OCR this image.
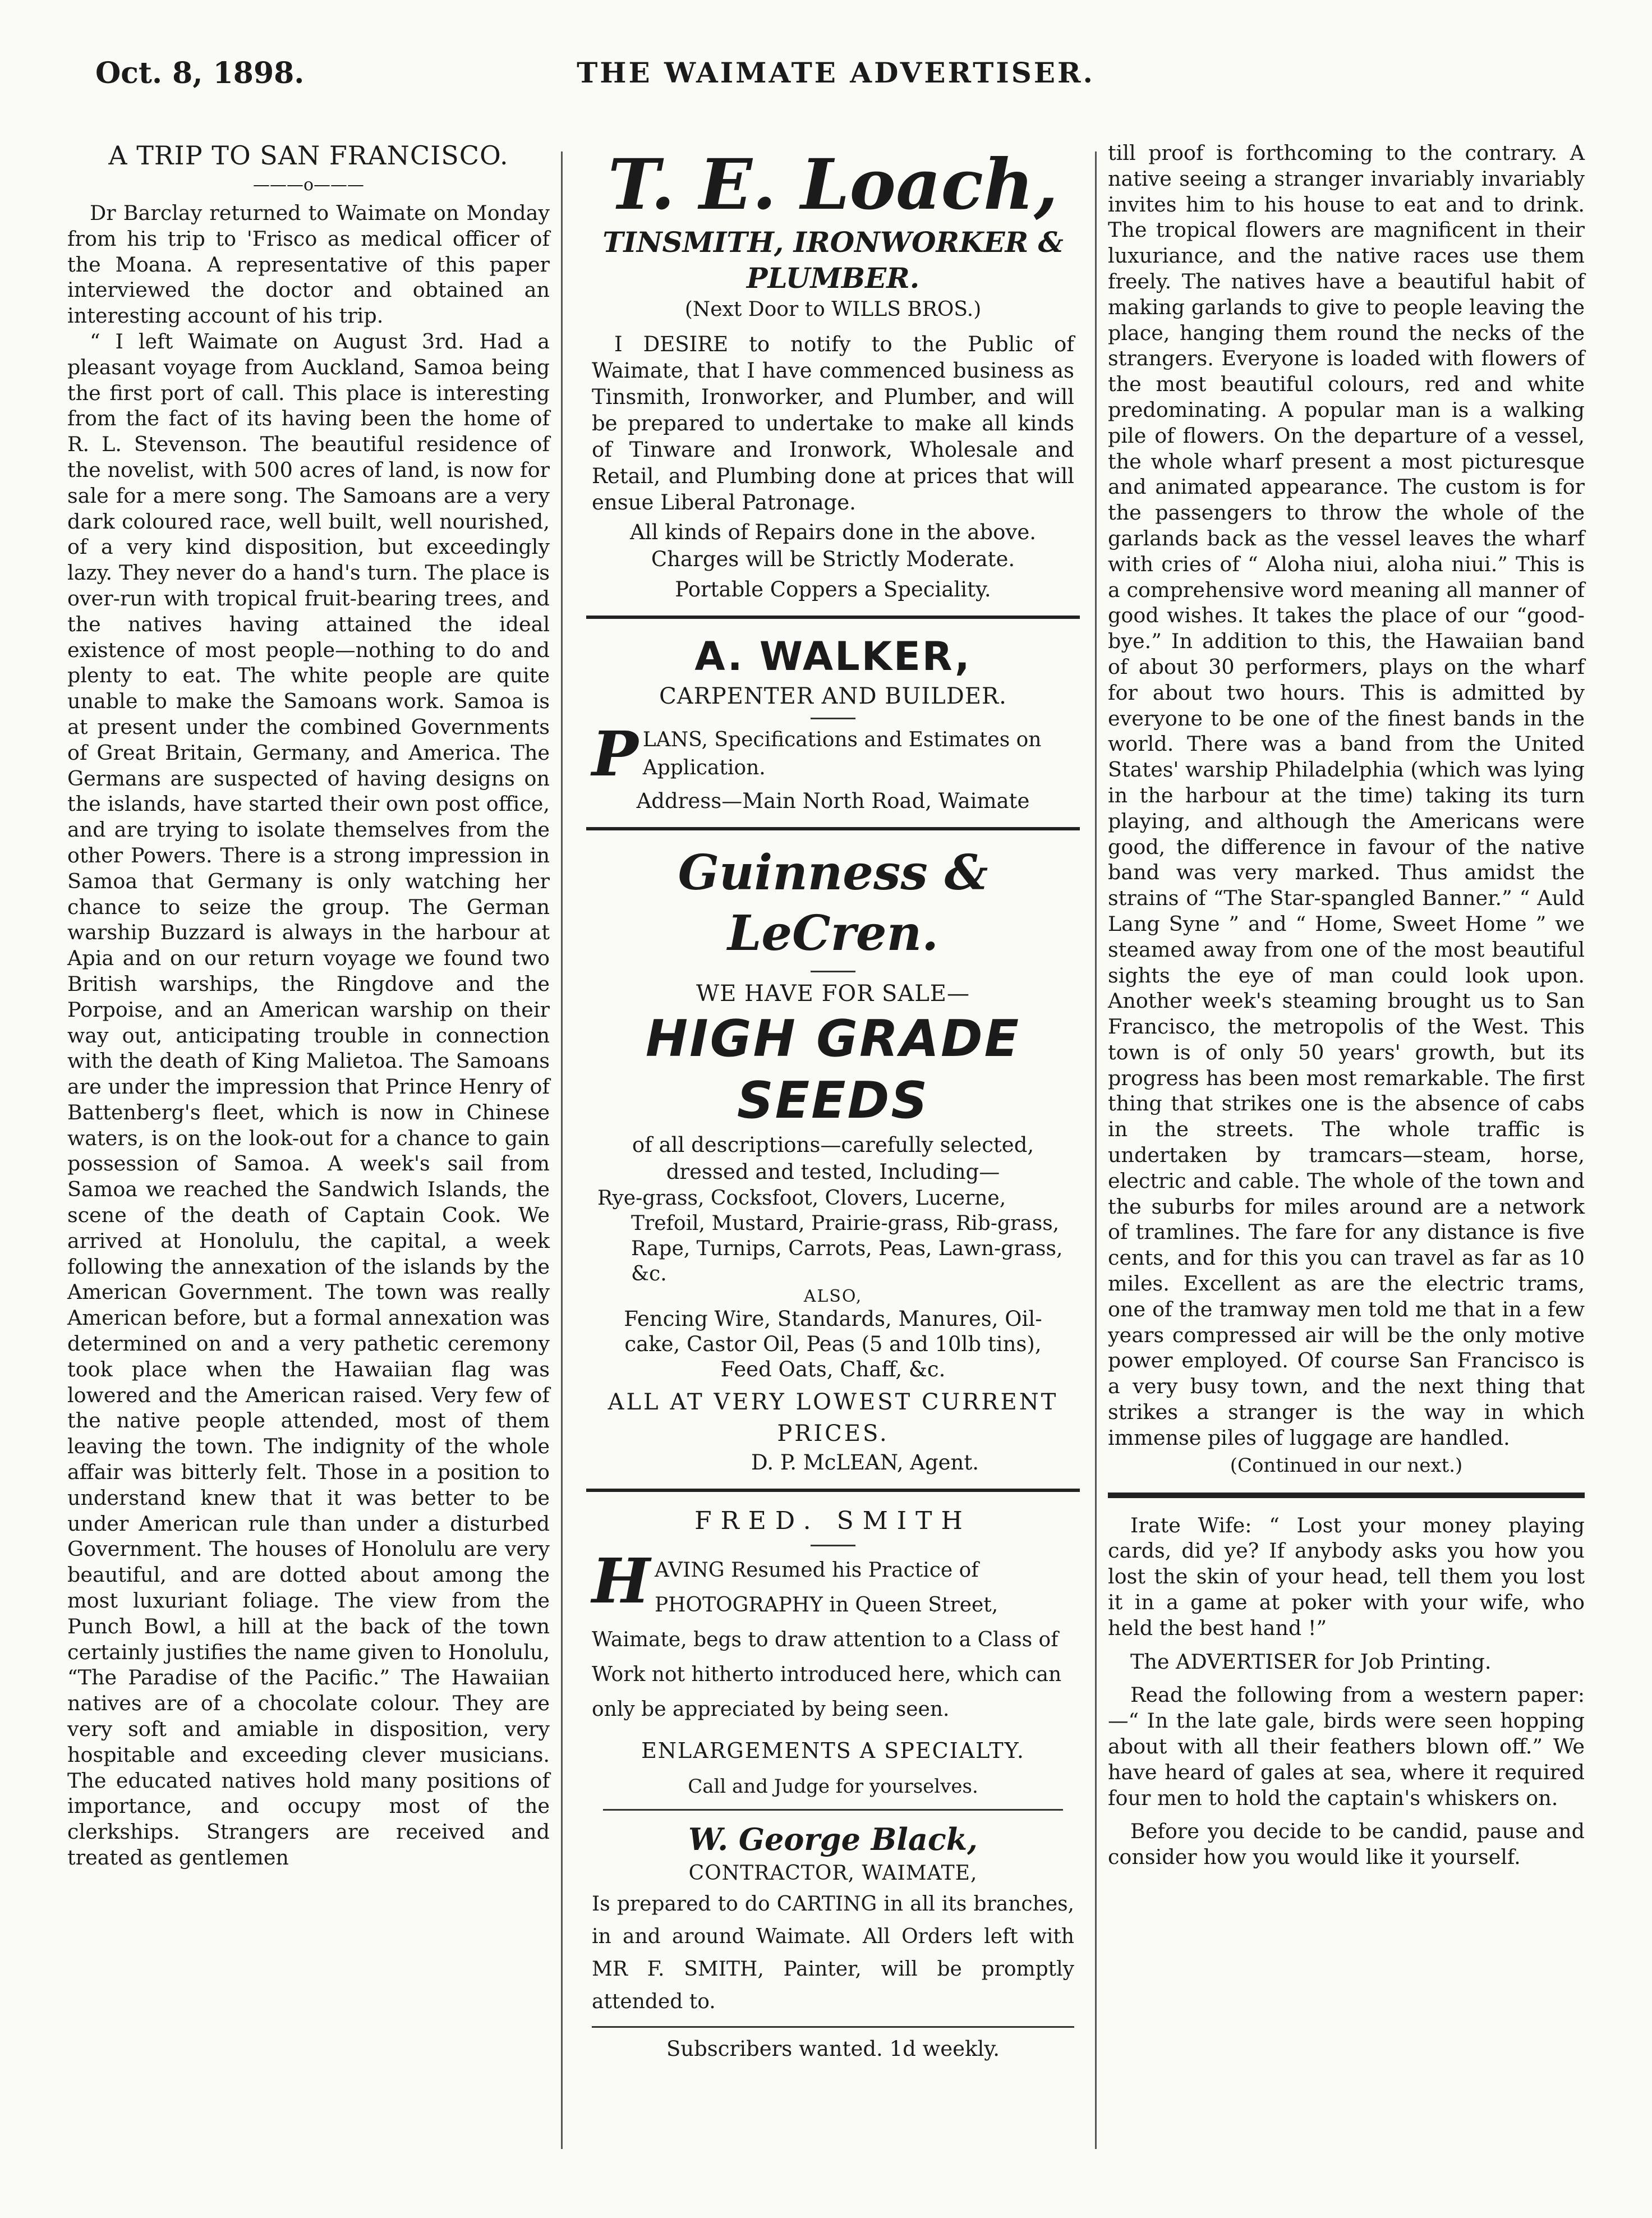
Oct. 8, 1898.	THE WAIMATE ADVERTISER.
A TRIP TO SAN FRANCISCO.
———o———

Dr Barclay returned to Waimate on Monday from his trip to 'Frisco as medical officer of the Moana. A representative of this paper interviewed the doctor and obtained an interesting account of his trip.

“ I left Waimate on August 3rd. Had a pleasant voyage from Auckland, Samoa being the first port of call. This place is interesting from the fact of its having been the home of R. L. Stevenson. The beautiful residence of the novelist, with 500 acres of land, is now for sale for a mere song. The Samoans are a very dark coloured race, well built, well nourished, of a very kind disposition, but exceedingly lazy. They never do a hand's turn. The place is over-run with tropical fruit-bearing trees, and the natives having attained the ideal existence of most people—nothing to do and plenty to eat. The white people are quite unable to make the Samoans work. Samoa is at present under the combined Governments of Great Britain, Germany, and America. The Germans are suspected of having designs on the islands, have started their own post office, and are trying to isolate themselves from the other Powers. There is a strong impression in Samoa that Germany is only watching her chance to seize the group. The German warship Buzzard is always in the harbour at Apia and on our return voyage we found two British warships, the Ringdove and the Porpoise, and an American warship on their way out, anticipating trouble in connection with the death of King Malietoa. The Samoans are under the impression that Prince Henry of Battenberg's fleet, which is now in Chinese waters, is on the look-out for a chance to gain possession of Samoa. A week's sail from Samoa we reached the Sandwich Islands, the scene of the death of Captain Cook. We arrived at Honolulu, the capital, a week following the annexation of the islands by the American Government. The town was really American before, but a formal annexation was determined on and a very pathetic ceremony took place when the Hawaiian flag was lowered and the American raised. Very few of the native people attended, most of them leaving the town. The indignity of the whole affair was bitterly felt. Those in a position to understand knew that it was better to be under American rule than under a disturbed Government. The houses of Honolulu are very beautiful, and are dotted about among the most luxuriant foliage. The view from the Punch Bowl, a hill at the back of the town certainly justifies the name given to Honolulu, “The Paradise of the Pacific.” The Hawaiian natives are of a chocolate colour. They are very soft and amiable in disposition, very hospitable and exceeding clever musicians. The educated natives hold many positions of importance, and occupy most of the clerkships. Strangers are received and treated as gentlemen

T. E. Loach,
TINSMITH, IRONWORKER &
PLUMBER.
(Next Door to WILLS BROS.)

I DESIRE to notify to the Public of Waimate, that I have commenced business as Tinsmith, Ironworker, and Plumber, and will be prepared to undertake to make all kinds of Tinware and Ironwork, Wholesale and Retail, and Plumbing done at prices that will ensue Liberal Patronage.

All kinds of Repairs done in the above.
Charges will be Strictly Moderate.
Portable Coppers a Speciality.
A. WALKER,
CARPENTER AND BUILDER.
PLANS, Specifications and Estimates on Application.
Address—Main North Road, Waimate
Guinness & LeCren.
WE HAVE FOR SALE—
HIGH GRADE SEEDS
of all descriptions—carefully selected, dressed and tested, Including—

Rye-grass, Cocksfoot, Clovers, Lucerne, Trefoil, Mustard, Prairie-grass, Rib-grass, Rape, Turnips, Carrots, Peas, Lawn-grass, &c.

ALSO,
Fencing Wire, Standards, Manures, Oil-cake, Castor Oil, Peas (5 and 10lb tins), Feed Oats, Chaff, &c.
ALL AT VERY LOWEST CURRENT PRICES.
D. P. McLEAN, Agent.
FRED. SMITH
HAVING Resumed his Practice of PHOTOGRAPHY in Queen Street, Waimate, begs to draw attention to a Class of Work not hitherto introduced here, which can only be appreciated by being seen.
ENLARGEMENTS A SPECIALTY.
Call and Judge for yourselves.
W. George Black,
CONTRACTOR, WAIMATE,

Is prepared to do CARTING in all its branches, in and around Waimate. All Orders left with MR F. SMITH, Painter, will be promptly attended to.

Subscribers wanted. 1d weekly.

till proof is forthcoming to the contrary. A native seeing a stranger invariably invariably invites him to his house to eat and to drink. The tropical flowers are magnificent in their luxuriance, and the native races use them freely. The natives have a beautiful habit of making garlands to give to people leaving the place, hanging them round the necks of the strangers. Everyone is loaded with flowers of the most beautiful colours, red and white predominating. A popular man is a walking pile of flowers. On the departure of a vessel, the whole wharf present a most picturesque and animated appearance. The custom is for the passengers to throw the whole of the garlands back as the vessel leaves the wharf with cries of “ Aloha niui, aloha niui.” This is a comprehensive word meaning all manner of good wishes. It takes the place of our “good-bye.” In addition to this, the Hawaiian band of about 30 performers, plays on the wharf for about two hours. This is admitted by everyone to be one of the finest bands in the world. There was a band from the United States' warship Philadelphia (which was lying in the harbour at the time) taking its turn playing, and although the Americans were good, the difference in favour of the native band was very marked. Thus amidst the strains of “The Star-spangled Banner.” “ Auld Lang Syne ” and “ Home, Sweet Home ” we steamed away from one of the most beautiful sights the eye of man could look upon. Another week's steaming brought us to San Francisco, the metropolis of the West. This town is of only 50 years' growth, but its progress has been most remarkable. The first thing that strikes one is the absence of cabs in the streets. The whole traffic is undertaken by tramcars—steam, horse, electric and cable. The whole of the town and the suburbs for miles around are a network of tramlines. The fare for any distance is five cents, and for this you can travel as far as 10 miles. Excellent as are the electric trams, one of the tramway men told me that in a few years compressed air will be the only motive power employed. Of course San Francisco is a very busy town, and the next thing that strikes a stranger is the way in which immense piles of luggage are handled.

(Continued in our next.)

Irate Wife: “ Lost your money playing cards, did ye? If anybody asks you how you lost the skin of your head, tell them you lost it in a game at poker with your wife, who held the best hand !”

The ADVERTISER for Job Printing.

Read the following from a western paper:—“ In the late gale, birds were seen hopping about with all their feathers blown off.” We have heard of gales at sea, where it required four men to hold the captain's whiskers on.

Before you decide to be candid, pause and consider how you would like it yourself.
